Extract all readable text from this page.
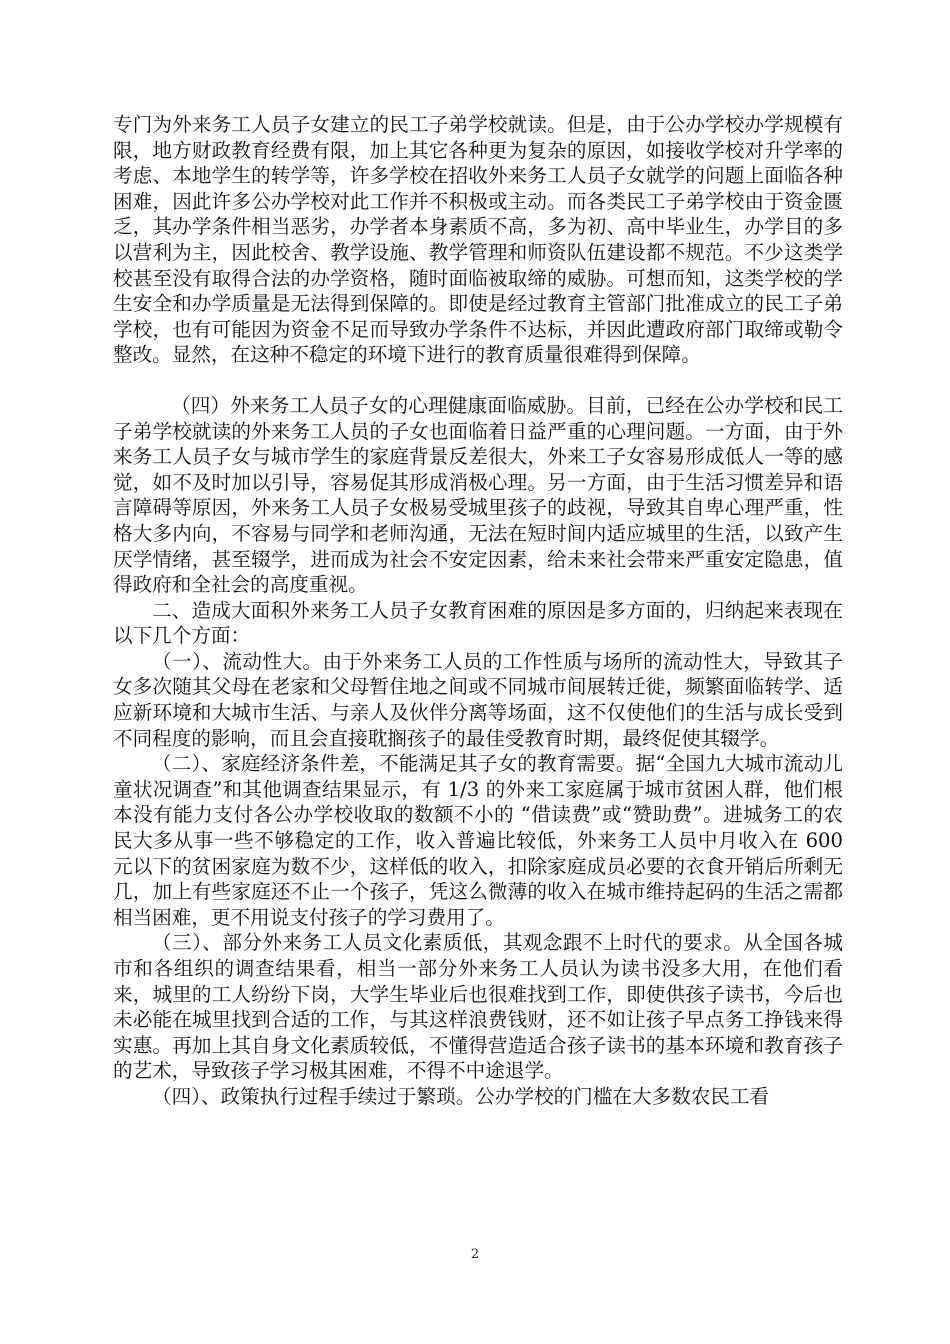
专门为外来务工人员子女建立的民工子弟学校就读。但是，由于公办学校办学规模有限，地方财政教育经费有限，加上其它各种更为复杂的原因，如接收学校对升学率的考虑、本地学生的转学等，许多学校在招收外来务工人员子女就学的问题上面临各种困难，因此许多公办学校对此工作并不积极或主动。而各类民工子弟学校由于资金匮乏，其办学条件相当恶劣，办学者本身素质不高，多为初、高中毕业生，办学目的多以营利为主，因此校舍、教学设施、教学管理和师资队伍建设都不规范。不少这类学校甚至没有取得合法的办学资格，随时面临被取缔的威胁。可想而知，这类学校的学生安全和办学质量是无法得到保障的。即使是经过教育主管部门批准成立的民工子弟学校，也有可能因为资金不足而导致办学条件不达标，并因此遭政府部门取缔或勒令整改。显然，在这种不稳定的环境下进行的教育质量很难得到保障。

（四）外来务工人员子女的心理健康面临威胁。目前，已经在公办学校和民工子弟学校就读的外来务工人员的子女也面临着日益严重的心理问题。一方面，由于外来务工人员子女与城市学生的家庭背景反差很大，外来工子女容易形成低人一等的感觉，如不及时加以引导，容易促其形成消极心理。另一方面，由于生活习惯差异和语言障碍等原因，外来务工人员子女极易受城里孩子的歧视，导致其自卑心理严重，性格大多内向，不容易与同学和老师沟通，无法在短时间内适应城里的生活，以致产生厌学情绪，甚至辍学，进而成为社会不安定因素，给未来社会带来严重安定隐患，值得政府和全社会的高度重视。

二、造成大面积外来务工人员子女教育困难的原因是多方面的，归纳起来表现在以下几个方面：

（一）、流动性大。由于外来务工人员的工作性质与场所的流动性大，导致其子女多次随其父母在老家和父母暂住地之间或不同城市间展转迁徙，频繁面临转学、适应新环境和大城市生活、与亲人及伙伴分离等场面，这不仅使他们的生活与成长受到不同程度的影响，而且会直接耽搁孩子的最佳受教育时期，最终促使其辍学。

（二）、家庭经济条件差，不能满足其子女的教育需要。据“全国九大城市流动儿童状况调查”和其他调查结果显示，有 1/3 的外来工家庭属于城市贫困人群，他们根本没有能力支付各公办学校收取的数额不小的 “借读费”或“赞助费”。进城务工的农民大多从事一些不够稳定的工作，收入普遍比较低，外来务工人员中月收入在 600 元以下的贫困家庭为数不少，这样低的收入，扣除家庭成员必要的衣食开销后所剩无几，加上有些家庭还不止一个孩子，凭这么微薄的收入在城市维持起码的生活之需都相当困难，更不用说支付孩子的学习费用了。

（三）、部分外来务工人员文化素质低，其观念跟不上时代的要求。从全国各城市和各组织的调查结果看，相当一部分外来务工人员认为读书没多大用，在他们看来，城里的工人纷纷下岗，大学生毕业后也很难找到工作，即使供孩子读书，今后也未必能在城里找到合适的工作，与其这样浪费钱财，还不如让孩子早点务工挣钱来得实惠。再加上其自身文化素质较低，不懂得营造适合孩子读书的基本环境和教育孩子的艺术，导致孩子学习极其困难，不得不中途退学。

（四）、政策执行过程手续过于繁琐。公办学校的门槛在大多数农民工看

2
